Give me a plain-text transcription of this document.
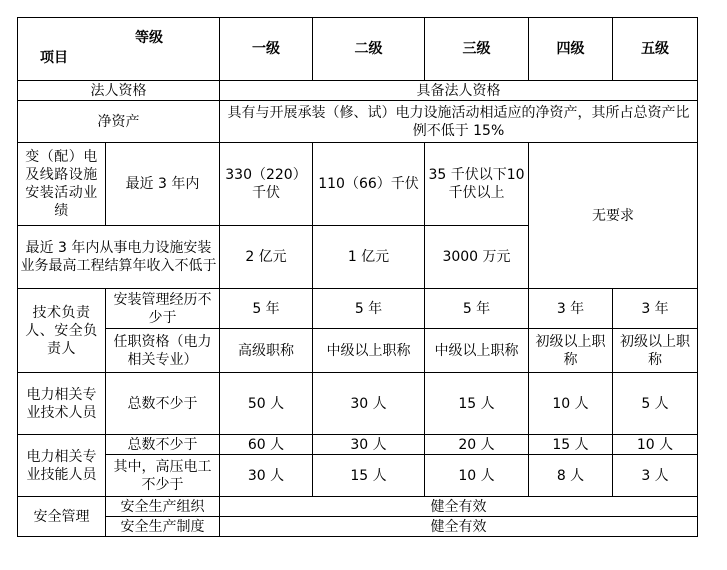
等级
项目		一级	二级	三级	四级	五级
法人资格		具备法人资格				
净资产		具有与开展承装（修、试）电力设施活动相适应的净资产，其所占总资产比例不低于 15%				
变（配）电及线路设施安装活动业绩	最近 3 年内	330（220）千伏	110（66）千伏	35 千伏以下10 千伏以上	无要求	
最近 3 年内从事电力设施安装业务最高工程结算年收入不低于		2 亿元	1 亿元	3000 万元		
技术负责人、安全负责人	安装管理经历不少于	5 年	5 年	5 年	3 年	3 年
	任职资格（电力相关专业）	高级职称	中级以上职称	中级以上职称	初级以上职称	初级以上职称
电力相关专业技术人员	总数不少于	50 人	30 人	15 人	10 人	5 人
电力相关专业技能人员	总数不少于	60 人	30 人	20 人	15 人	10 人
	其中，高压电工不少于	30 人	15 人	10 人	8 人	3 人
安全管理	安全生产组织	健全有效				
	安全生产制度	健全有效				
